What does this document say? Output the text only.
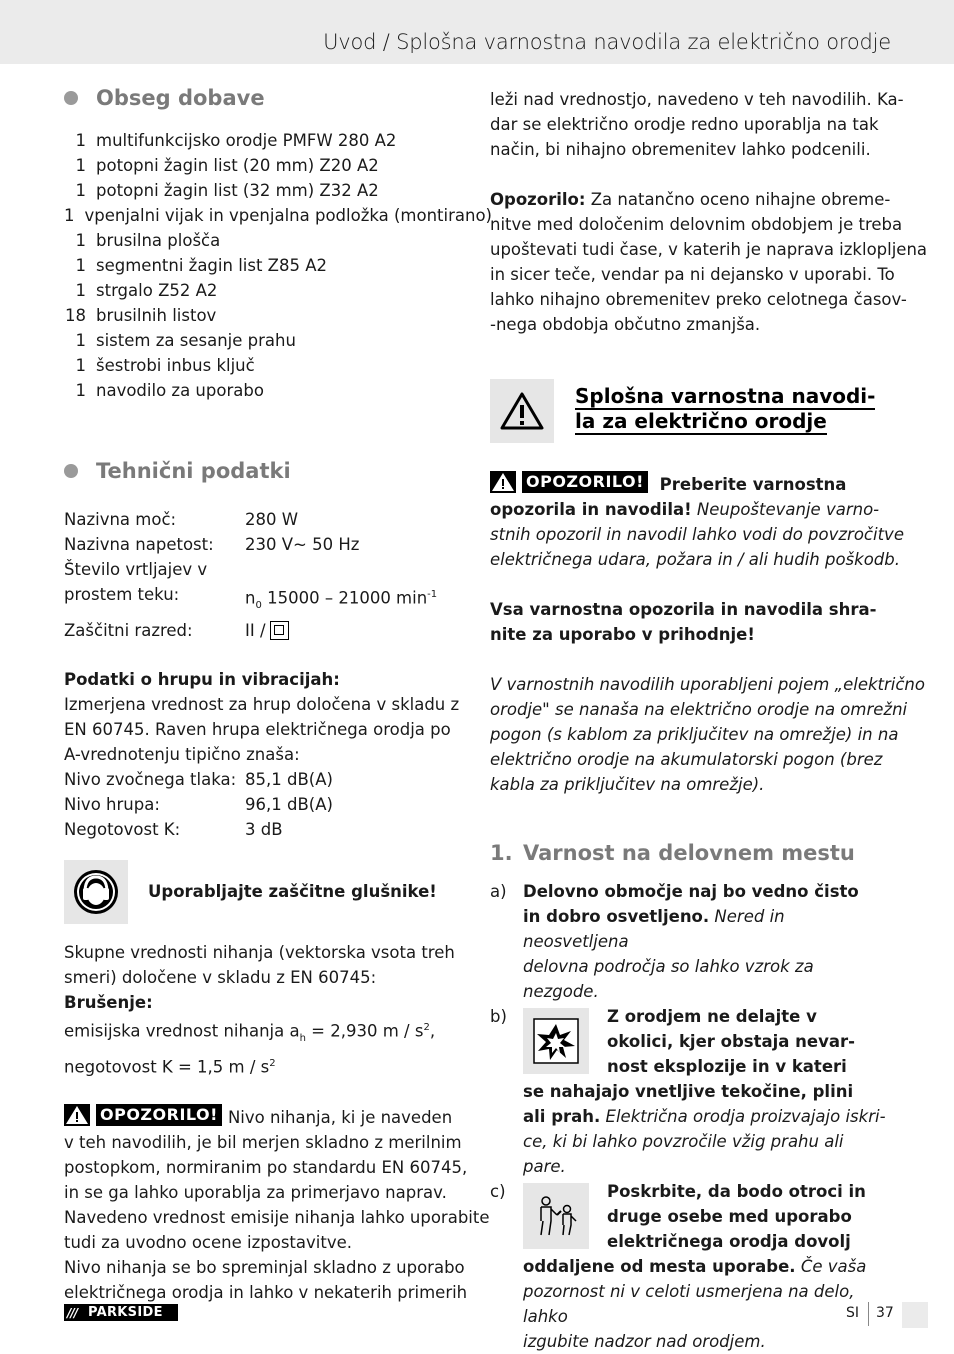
Uvod / Splošna varnostna navodila za električno orodje
Obseg dobave
1 multifunkcijsko orodje PMFW 280 A2
1 potopni žagin list (20 mm) Z20 A2
1 potopni žagin list (32 mm) Z32 A2
1 vpenjalni vijak in vpenjalna podložka (montirano)
1 brusilna plošča
1 segmentni žagin list Z85 A2
1 strgalo Z52 A2
18 brusilnih listov
1 sistem za sesanje prahu
1 šestrobi inbus ključ
1 navodilo za uporabo
Tehnični podatki
Nazivna moč:	280 W
Nazivna napetost:	230 V~ 50 Hz
Število vrtljajev v
prostem teku:	$n_0$ 15000 – 21000 $\min^{-1}$
Zaščitni razred:	II /
Podatki o hrupu in vibracijah:
Izmerjena vrednost za hrup določena v skladu z
EN 60745. Raven hrupa električnega orodja po
A-vrednotenju tipično znaša:
Nivo zvočnega tlaka: 85,1 dB(A)
Nivo hrupa:	96,1 dB(A)
Negotovost K:	3 dB
Uporabljajte zaščitne glušnike!
Skupne vrednosti nihanja (vektorska vsota treh
smeri) določene v skladu z EN 60745:
Brušenje:
emisijska vrednost nihanja $a_h = 2,930$ m / $s^2$,
negotovost K = 1,5 m / $s^2$
OPOZORILO! Nivo nihanja, ki je naveden
v teh navodilih, je bil merjen skladno z merilnim
postopkom, normiranim po standardu EN 60745,
in se ga lahko uporablja za primerjavo naprav.
Navedeno vrednost emisije nihanja lahko uporabite
tudi za uvodno ocene izpostavitve.
Nivo nihanja se bo spreminjal skladno z uporabo
električnega orodja in lahko v nekaterih primerih
leži nad vrednostjo, navedeno v teh navodilih. Ka-
dar se električno orodje redno uporablja na tak
način, bi nihajno obremenitev lahko podcenili.
Opozorilo: Za natančno oceno nihajne obreme-
nitve med določenim delovnim obdobjem je treba
upoštevati tudi čase, v katerih je naprava izklopljena
in sicer teče, vendar pa ni dejansko v uporabi. To
lahko nihajno obremenitev preko celotnega časov-
-nega obdobja občutno zmanjša.
Splošna varnostna navodi-
la za električno orodje
OPOZORILO! Preberite varnostna
opozorila in navodila! Neupoštevanje varno-
stnih opozoril in navodil lahko vodi do povzročitve
električnega udara, požara in / ali hudih poškodb.
Vsa varnostna opozorila in navodila shra-
nite za uporabo v prihodnje!
V varnostnih navodilih uporabljeni pojem „električno
orodje" se nanaša na električno orodje na omrežni
pogon (s kablom za priključitev na omrežje) in na
električno orodje na akumulatorski pogon (brez
kabla za priključitev na omrežje).
1. Varnost na delovnem mestu
a) Delovno območje naj bo vedno čisto
in dobro osvetljeno. Nered in neosvetljena
delovna področja so lahko vzrok za nezgode.
b)	Z orodjem ne delajte v
okolici, kjer obstaja nevar-
nost eksplozije in v kateri
se nahajajo vnetljive tekočine, plini
ali prah. Električna orodja proizvajajo iskri-
ce, ki bi lahko povzročile vžig prahu ali pare.
c)	Poskrbite, da bodo otroci in
druge osebe med uporabo
električnega orodja dovolj
oddaljene od mesta uporabe. Če vaša
pozornost ni v celoti usmerjena na delo, lahko
izgubite nadzor nad orodjem.
/// PARKSIDE	SI 37
